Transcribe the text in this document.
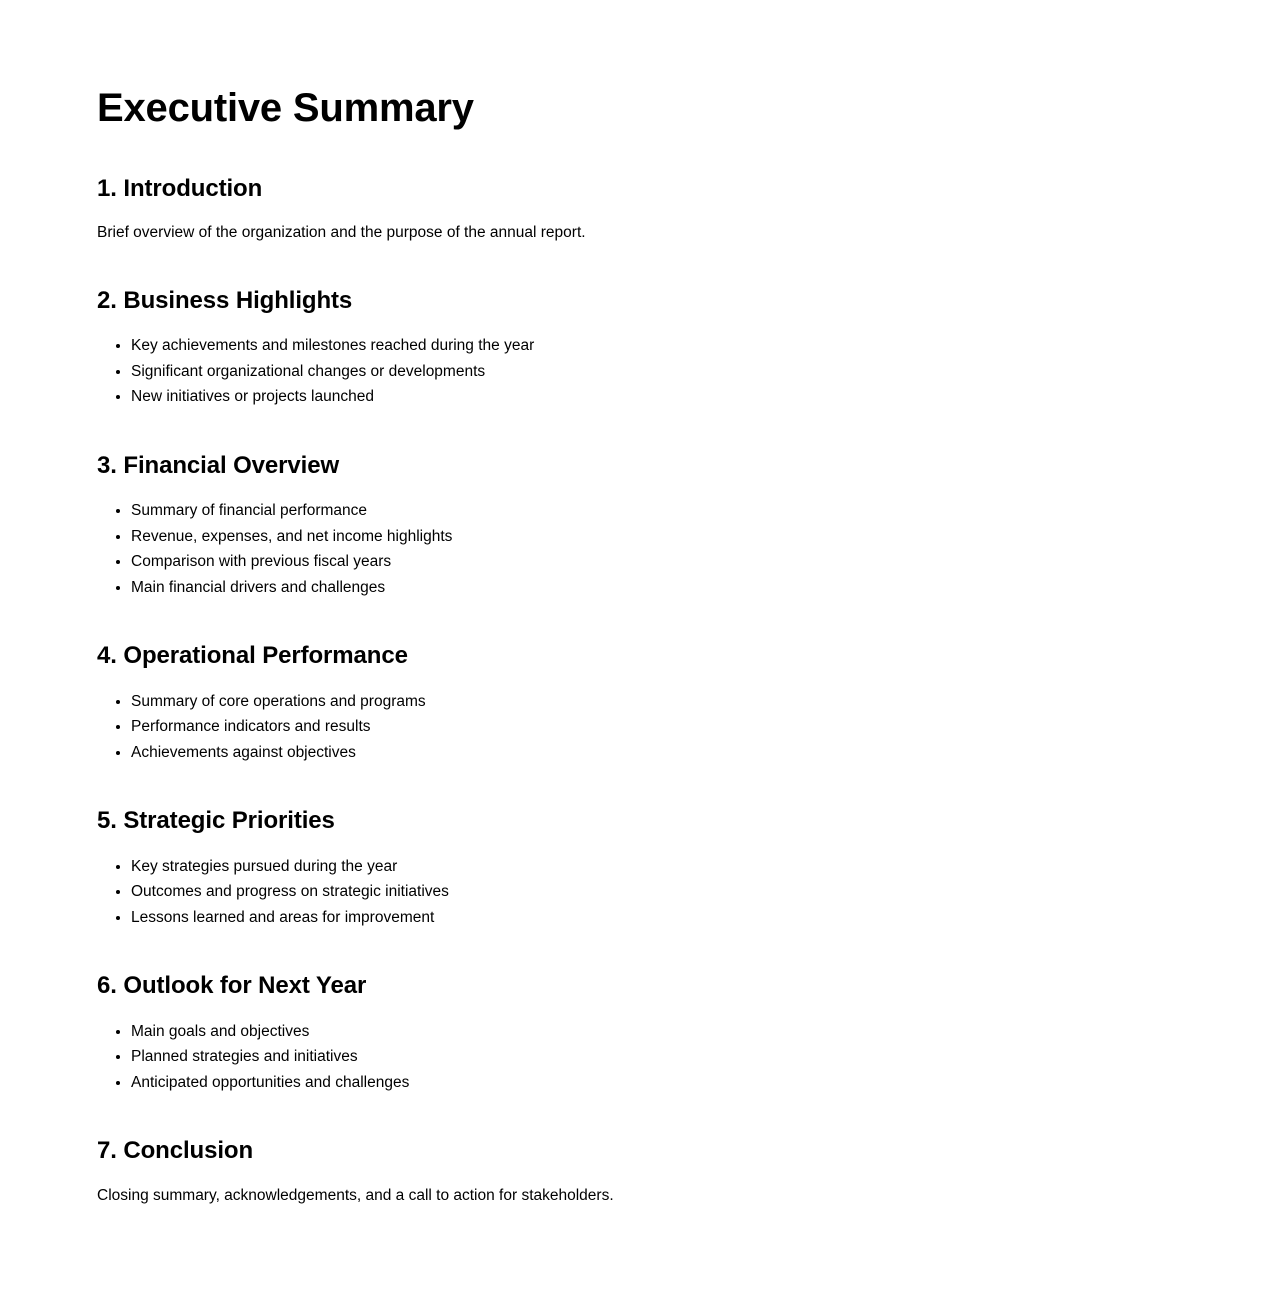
Executive Summary
1. Introduction

Brief overview of the organization and the purpose of the annual report.

2. Business Highlights
• Key achievements and milestones reached during the year
• Significant organizational changes or developments
• New initiatives or projects launched
3. Financial Overview
• Summary of financial performance
• Revenue, expenses, and net income highlights
• Comparison with previous fiscal years
• Main financial drivers and challenges
4. Operational Performance
• Summary of core operations and programs
• Performance indicators and results
• Achievements against objectives
5. Strategic Priorities
• Key strategies pursued during the year
• Outcomes and progress on strategic initiatives
• Lessons learned and areas for improvement
6. Outlook for Next Year
• Main goals and objectives
• Planned strategies and initiatives
• Anticipated opportunities and challenges
7. Conclusion

Closing summary, acknowledgements, and a call to action for stakeholders.
